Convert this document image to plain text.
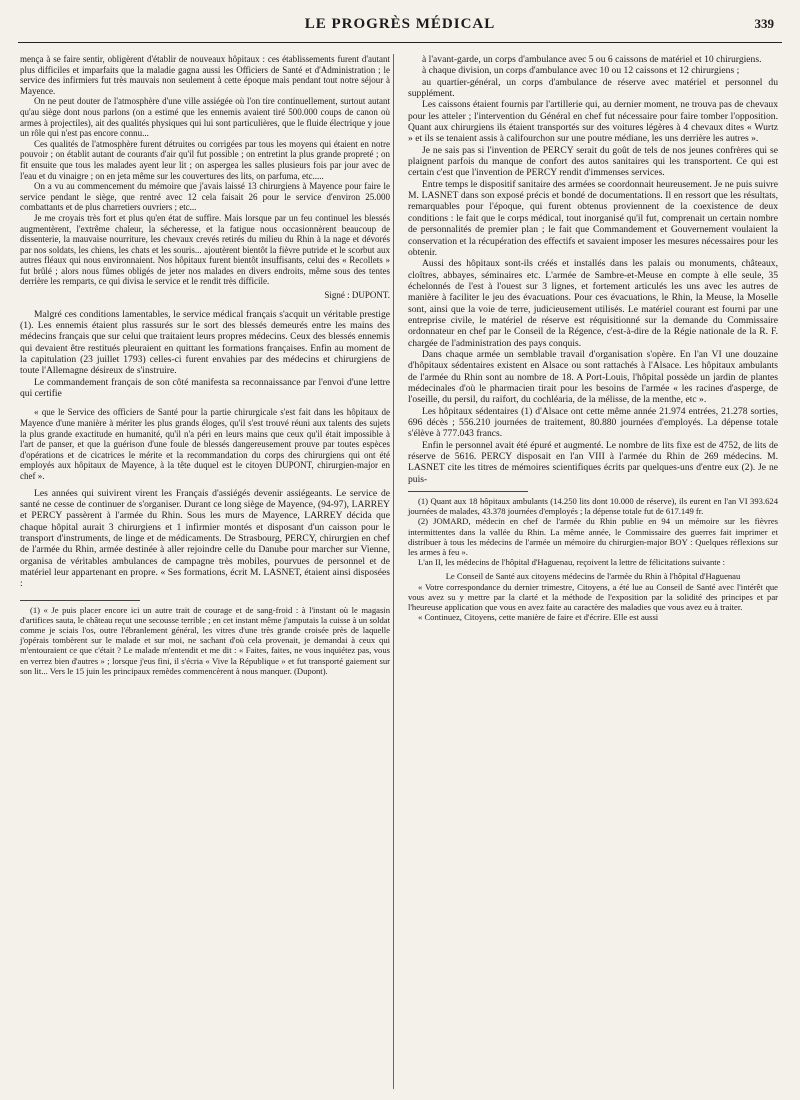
LE PROGRÈS MÉDICAL	339

mença à se faire sentir, obligèrent d'établir de nouveaux hôpitaux : ces établissements furent d'autant plus difficiles et imparfaits que la maladie gagna aussi les Officiers de Santé et d'Administration ; le service des infirmiers fut très mauvais non seulement à cette époque mais pendant tout notre séjour à Mayence.

On ne peut douter de l'atmosphère d'une ville assiégée où l'on tire continuellement, surtout autant qu'au siège dont nous parlons (on a estimé que les ennemis avaient tiré 500.000 coups de canon où armes à projectiles), ait des qualités physiques qui lui sont particulières, que le fluide électrique y joue un rôle qui n'est pas encore connu...

Ces qualités de l'atmosphère furent détruites ou corrigées par tous les moyens qui étaient en notre pouvoir ; on établit autant de courants d'air qu'il fut possible ; on entretint la plus grande propreté ; on fit ensuite que tous les malades ayent leur lit ; on aspergea les salles plusieurs fois par jour avec de l'eau et du vinaigre ; on en jeta même sur les couvertures des lits, on parfuma, etc.....

On a vu au commencement du mémoire que j'avais laissé 13 chirurgiens à Mayence pour faire le service pendant le siège, que rentré avec 12 cela faisait 26 pour le service d'environ 25.000 combattants et de plus charretiers ouvriers ; etc...

Je me croyais très fort et plus qu'en état de suffire. Mais lorsque par un feu continuel les blessés augmentèrent, l'extrême chaleur, la sécheresse, et la fatigue nous occasionnèrent beaucoup de dissenterie, la mauvaise nourriture, les chevaux crevés retirés du milieu du Rhin à la nage et dévorés par nos soldats, les chiens, les chats et les souris... ajoutèrent bientôt la fièvre putride et le scorbut aux autres fléaux qui nous environnaient. Nos hôpitaux furent bientôt insuffisants, celui des « Recollets » fut brûlé ; alors nous fûmes obligés de jeter nos malades en divers endroits, même sous des tentes derrière les remparts, ce qui divisa le service et le rendit très difficile.

Signé : DUPONT.

Malgré ces conditions lamentables, le service médical français s'acquit un véritable prestige (1). Les ennemis étaient plus rassurés sur le sort des blessés demeurés entre les mains des médecins français que sur celui que traitaient leurs propres médecins. Ceux des blessés ennemis qui devaient être restitués pleuraient en quittant les formations françaises. Enfin au moment de la capitulation (23 juillet 1793) celles-ci furent envahies par des médecins et chirurgiens de toute l'Allemagne désireux de s'instruire.

Le commandement français de son côté manifesta sa reconnaissance par l'envoi d'une lettre qui certifie

« que le Service des officiers de Santé pour la partie chirurgicale s'est fait dans les hôpitaux de Mayence d'une manière à mériter les plus grands éloges, qu'il s'est trouvé réuni aux talents des sujets la plus grande exactitude en humanité, qu'il n'a péri en leurs mains que ceux qu'il était impossible à l'art de panser, et que la guérison d'une foule de blessés dangereusement prouve par toutes espèces d'opérations et de cicatrices le mérite et la recommandation du corps des chirurgiens qui ont été employés aux hôpitaux de Mayence, à la tête duquel est le citoyen DUPONT, chirurgien-major en chef ».

Les années qui suivirent virent les Français d'assiégés devenir assiégeants. Le service de santé ne cesse de continuer de s'organiser. Durant ce long siège de Mayence, (94-97), LARREY et PERCY passèrent à l'armée du Rhin. Sous les murs de Mayence, LARREY décida que chaque hôpital aurait 3 chirurgiens et 1 infirmier montés et disposant d'un caisson pour le transport d'instruments, de linge et de médicaments. De Strasbourg, PERCY, chirurgien en chef de l'armée du Rhin, armée destinée à aller rejoindre celle du Danube pour marcher sur Vienne, organisa de véritables ambulances de campagne très mobiles, pourvues de personnel et de matériel leur appartenant en propre. « Ses formations, écrit M. LASNET, étaient ainsi disposées :

(1) « Je puis placer encore ici un autre trait de courage et de sang-froid : à l'instant où le magasin d'artifices sauta, le château reçut une secousse terrible ; en cet instant même j'amputais la cuisse à un soldat comme je sciais l'os, outre l'ébranlement général, les vitres d'une très grande croisée près de laquelle j'opérais tombèrent sur le malade et sur moi, ne sachant d'où cela provenait, je demandai à ceux qui m'entouraient ce que c'était ? Le malade m'entendit et me dit : « Faites, faites, ne vous inquiétez pas, vous en verrez bien d'autres » ; lorsque j'eus fini, il s'écria « Vive la République » et fut transporté gaiement sur son lit... Vers le 15 juin les principaux remèdes commencèrent à nous manquer. (Dupont).

à l'avant-garde, un corps d'ambulance avec 5 ou 6 caissons de matériel et 10 chirurgiens.

à chaque division, un corps d'ambulance avec 10 ou 12 caissons et 12 chirurgiens ;

au quartier-général, un corps d'ambulance de réserve avec matériel et personnel du supplément.

Les caissons étaient fournis par l'artillerie qui, au dernier moment, ne trouva pas de chevaux pour les atteler ; l'intervention du Général en chef fut nécessaire pour faire tomber l'opposition. Quant aux chirurgiens ils étaient transportés sur des voitures légères à 4 chevaux dites « Wurtz » et ils se tenaient assis à califourchon sur une poutre médiane, les uns derrière les autres ».

Je ne sais pas si l'invention de PERCY serait du goût de tels de nos jeunes confrères qui se plaignent parfois du manque de confort des autos sanitaires qui les transportent. Ce qui est certain c'est que l'invention de PERCY rendit d'immenses services.

Entre temps le dispositif sanitaire des armées se coordonnait heureusement. Je ne puis suivre M. LASNET dans son exposé précis et bondé de documentations. Il en ressort que les résultats, remarquables pour l'époque, qui furent obtenus proviennent de la coexistence de deux conditions : le fait que le corps médical, tout inorganisé qu'il fut, comprenait un certain nombre de personnalités de premier plan ; le fait que Commandement et Gouvernement voulaient la conservation et la récupération des effectifs et savaient imposer les mesures nécessaires pour les obtenir.

Aussi des hôpitaux sont-ils créés et installés dans les palais ou monuments, châteaux, cloîtres, abbayes, séminaires etc. L'armée de Sambre-et-Meuse en compte à elle seule, 35 échelonnés de l'est à l'ouest sur 3 lignes, et fortement articulés les uns avec les autres de manière à faciliter le jeu des évacuations. Pour ces évacuations, le Rhin, la Meuse, la Moselle sont, ainsi que la voie de terre, judicieusement utilisés. Le matériel courant est fourni par une entreprise civile, le matériel de réserve est réquisitionné sur la demande du Commissaire ordonnateur en chef par le Conseil de la Régence, c'est-à-dire de la Régie nationale de la R. F. chargée de l'administration des pays conquis.

Dans chaque armée un semblable travail d'organisation s'opère. En l'an VI une douzaine d'hôpitaux sédentaires existent en Alsace ou sont rattachés à l'Alsace. Les hôpitaux ambulants de l'armée du Rhin sont au nombre de 18. A Port-Louis, l'hôpital possède un jardin de plantes médecinales d'où le pharmacien tirait pour les besoins de l'armée « les racines d'asperge, de l'oseille, du persil, du raifort, du cochléaria, de la mélisse, de la menthe, etc ».

Les hôpitaux sédentaires (1) d'Alsace ont cette même année 21.974 entrées, 21.278 sorties, 696 décès ; 556.210 journées de traitement, 80.880 journées d'employés. La dépense totale s'élève à 777.043 francs.

Enfin le personnel avait été épuré et augmenté. Le nombre de lits fixe est de 4752, de lits de réserve de 5616. PERCY disposait en l'an VIII à l'armée du Rhin de 269 médecins. M. LASNET cite les titres de mémoires scientifiques écrits par quelques-uns d'entre eux (2). Je ne puis-

(1) Quant aux 18 hôpitaux ambulants (14.250 lits dont 10.000 de réserve), ils eurent en l'an VI 393.624 journées de malades, 43.378 journées d'employés ; la dépense totale fut de 617.149 fr.

(2) JOMARD, médecin en chef de l'armée du Rhin publie en 94 un mémoire sur les fièvres intermittentes dans la vallée du Rhin. La même année, le Commissaire des guerres fait imprimer et distribuer à tous les médecins de l'armée un mémoire du chirurgien-major BOY : Quelques réflexions sur les armes à feu ».

L'an II, les médecins de l'hôpital d'Haguenau, reçoivent la lettre de félicitations suivante :

Le Conseil de Santé aux citoyens médecins de l'armée du Rhin à l'hôpital d'Haguenau

« Votre correspondance du dernier trimestre, Citoyens, a été lue au Conseil de Santé avec l'intérêt que vous avez su y mettre par la clarté et la méthode de l'exposition par la solidité des principes et par l'heureuse application que vous en avez faite au caractère des maladies que vous avez eu à traiter.

« Continuez, Citoyens, cette manière de faire et d'écrire. Elle est aussi
